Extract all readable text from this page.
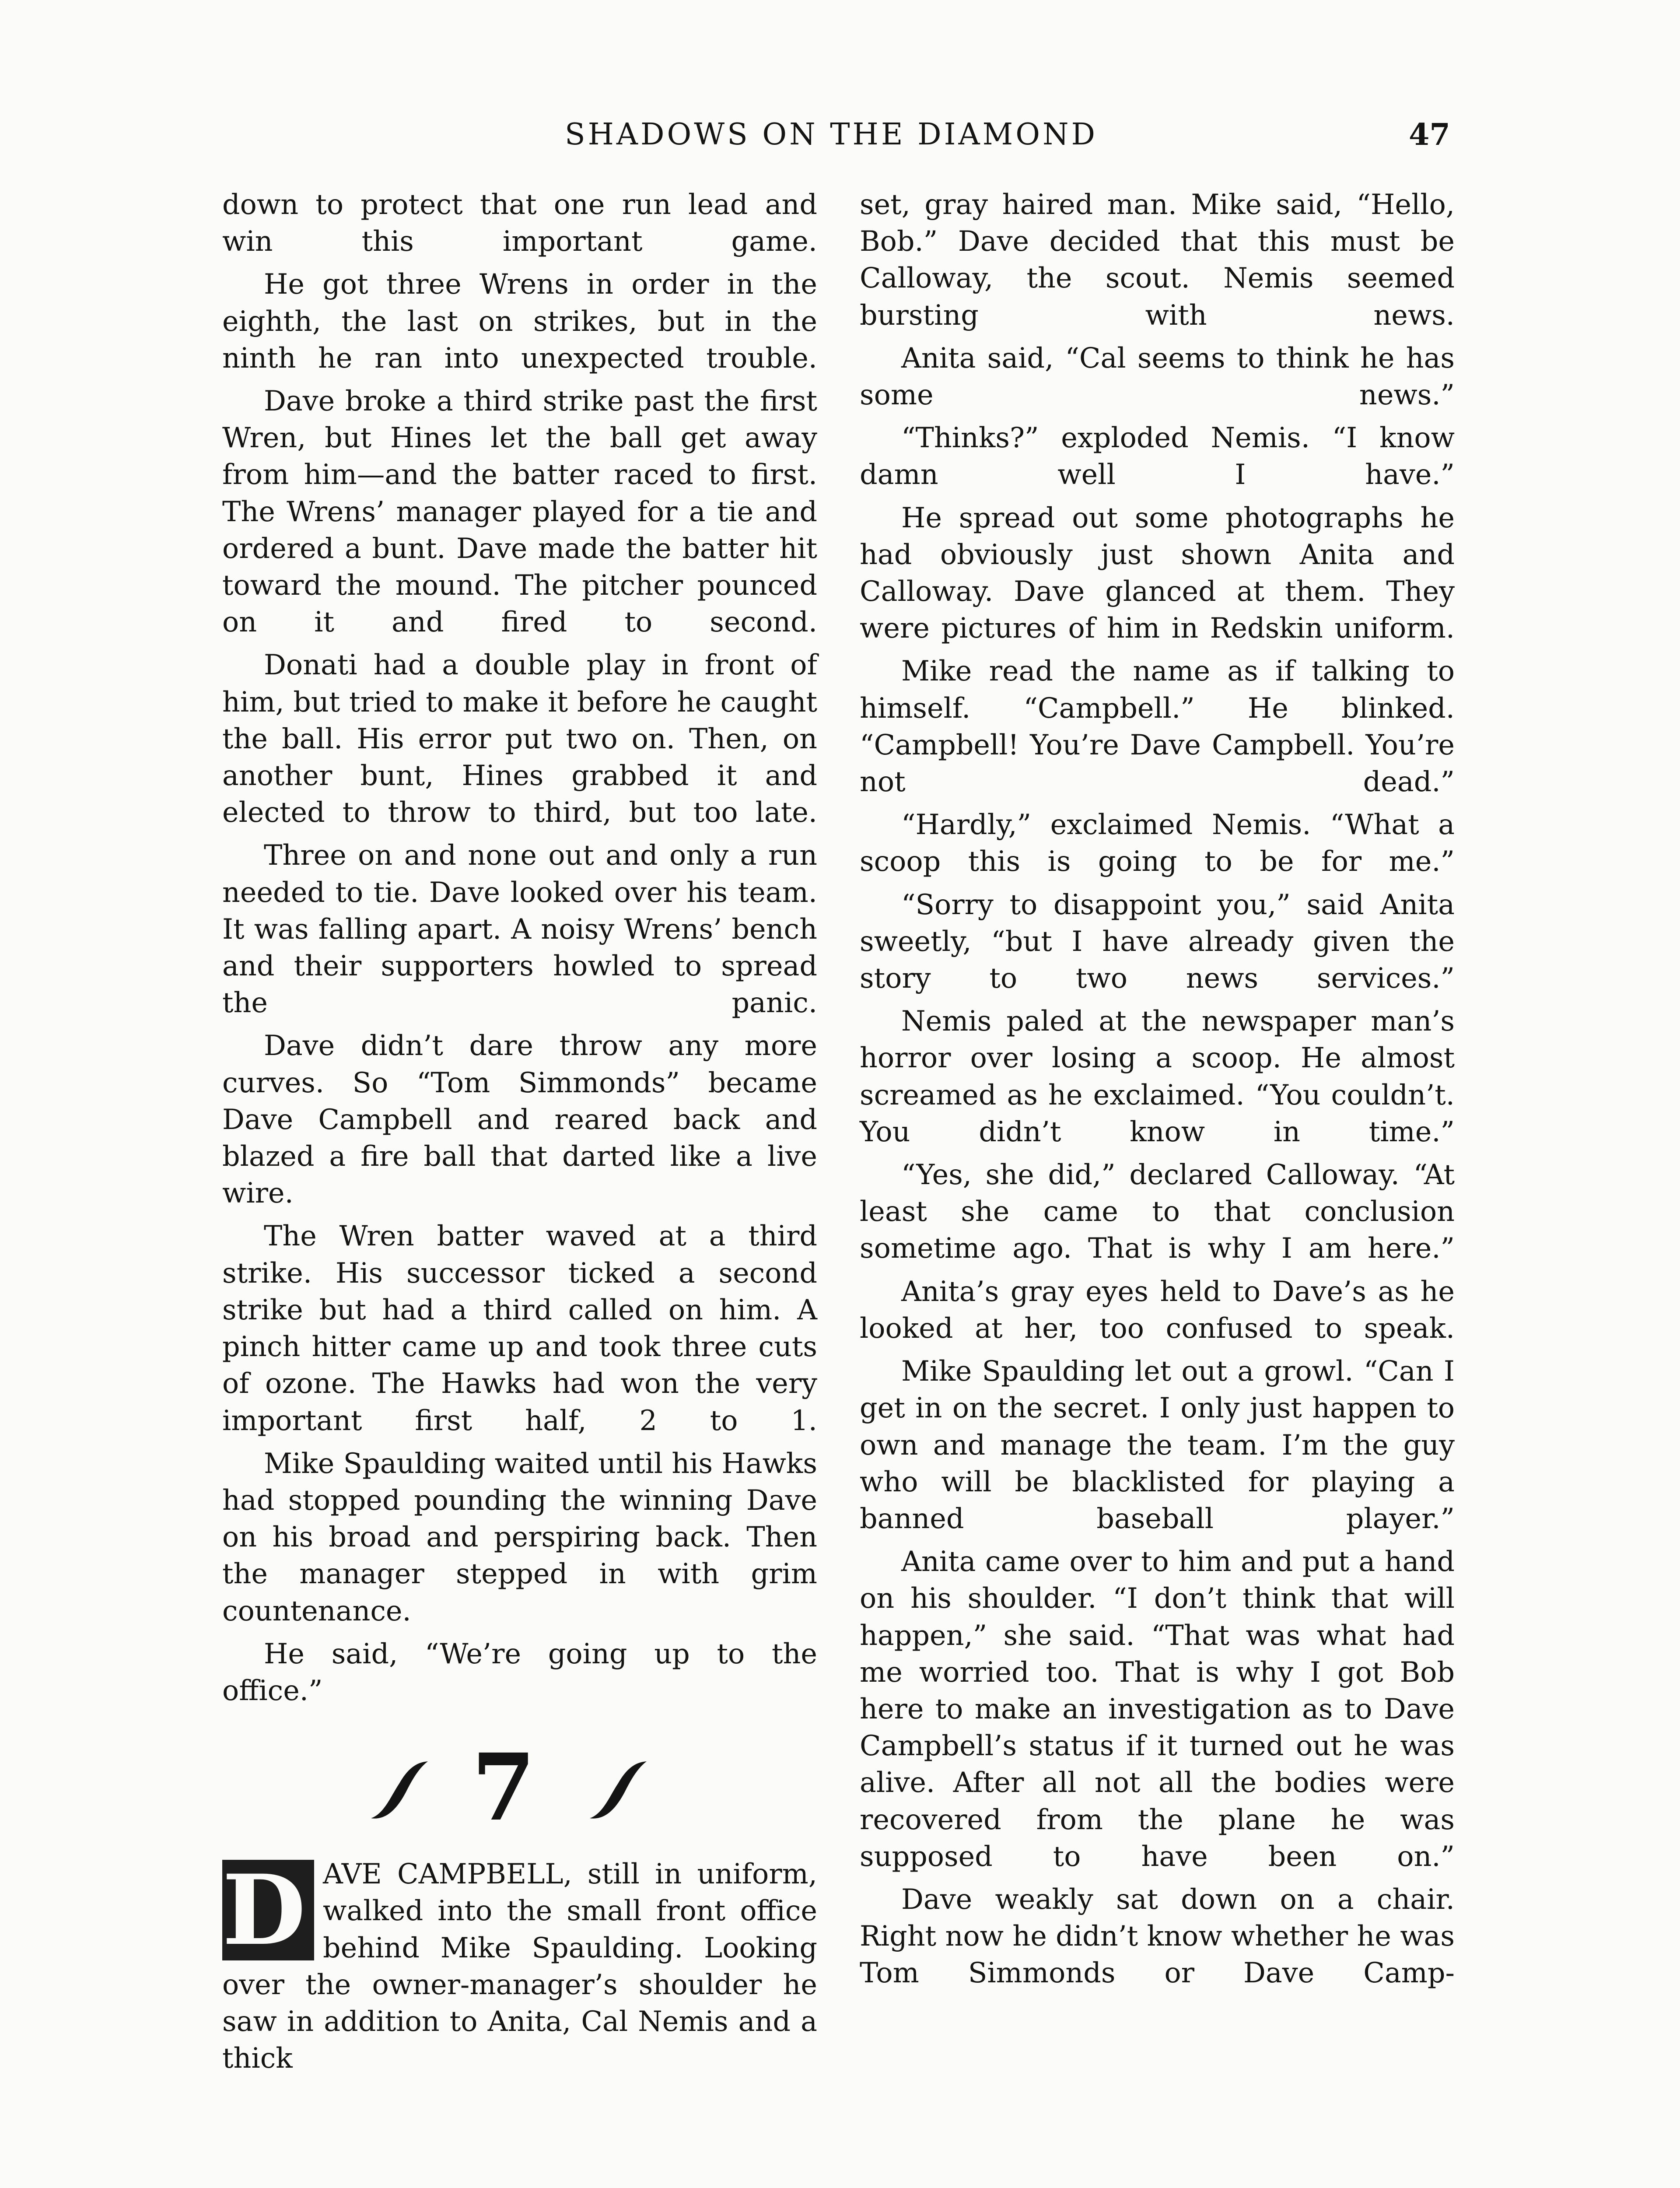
SHADOWS ON THE DIAMOND	47

down to protect that one run lead and win this important game.

He got three Wrens in order in the eighth, the last on strikes, but in the ninth he ran into unexpected trouble.

Dave broke a third strike past the first Wren, but Hines let the ball get away from him—and the batter raced to first. The Wrens’ manager played for a tie and ordered a bunt. Dave made the batter hit toward the mound. The pitcher pounced on it and fired to second.

Donati had a double play in front of him, but tried to make it before he caught the ball. His error put two on. Then, on another bunt, Hines grabbed it and elected to throw to third, but too late.

Three on and none out and only a run needed to tie. Dave looked over his team. It was falling apart. A noisy Wrens’ bench and their supporters howled to spread the panic.

Dave didn’t dare throw any more curves. So “Tom Simmonds” became Dave Campbell and reared back and blazed a fire ball that darted like a live wire.

The Wren batter waved at a third strike. His successor ticked a second strike but had a third called on him. A pinch hitter came up and took three cuts of ozone. The Hawks had won the very important first half, 2 to 1.

Mike Spaulding waited until his Hawks had stopped pounding the winning Dave on his broad and perspiring back. Then the manager stepped in with grim countenance.

He said, “We’re going up to the office.”

7
D AVE CAMPBELL, still in uniform, walked into the small front office behind Mike Spaulding. Looking over the owner-manager’s shoulder he saw in addition to Anita, Cal Nemis and a thick

set, gray haired man. Mike said, “Hello, Bob.” Dave decided that this must be Calloway, the scout. Nemis seemed bursting with news.

Anita said, “Cal seems to think he has some news.”

“Thinks?” exploded Nemis. “I know damn well I have.”

He spread out some photographs he had obviously just shown Anita and Calloway. Dave glanced at them. They were pictures of him in Redskin uniform.

Mike read the name as if talking to himself. “Campbell.” He blinked. “Campbell! You’re Dave Campbell. You’re not dead.”

“Hardly,” exclaimed Nemis. “What a scoop this is going to be for me.”

“Sorry to disappoint you,” said Anita sweetly, “but I have already given the story to two news services.”

Nemis paled at the newspaper man’s horror over losing a scoop. He almost screamed as he exclaimed. “You couldn’t. You didn’t know in time.”

“Yes, she did,” declared Calloway. “At least she came to that conclusion sometime ago. That is why I am here.”

Anita’s gray eyes held to Dave’s as he looked at her, too confused to speak.

Mike Spaulding let out a growl. “Can I get in on the secret. I only just happen to own and manage the team. I’m the guy who will be blacklisted for playing a banned baseball player.”

Anita came over to him and put a hand on his shoulder. “I don’t think that will happen,” she said. “That was what had me worried too. That is why I got Bob here to make an investigation as to Dave Campbell’s status if it turned out he was alive. After all not all the bodies were recovered from the plane he was supposed to have been on.”

Dave weakly sat down on a chair. Right now he didn’t know whether he was Tom Simmonds or Dave Camp-
